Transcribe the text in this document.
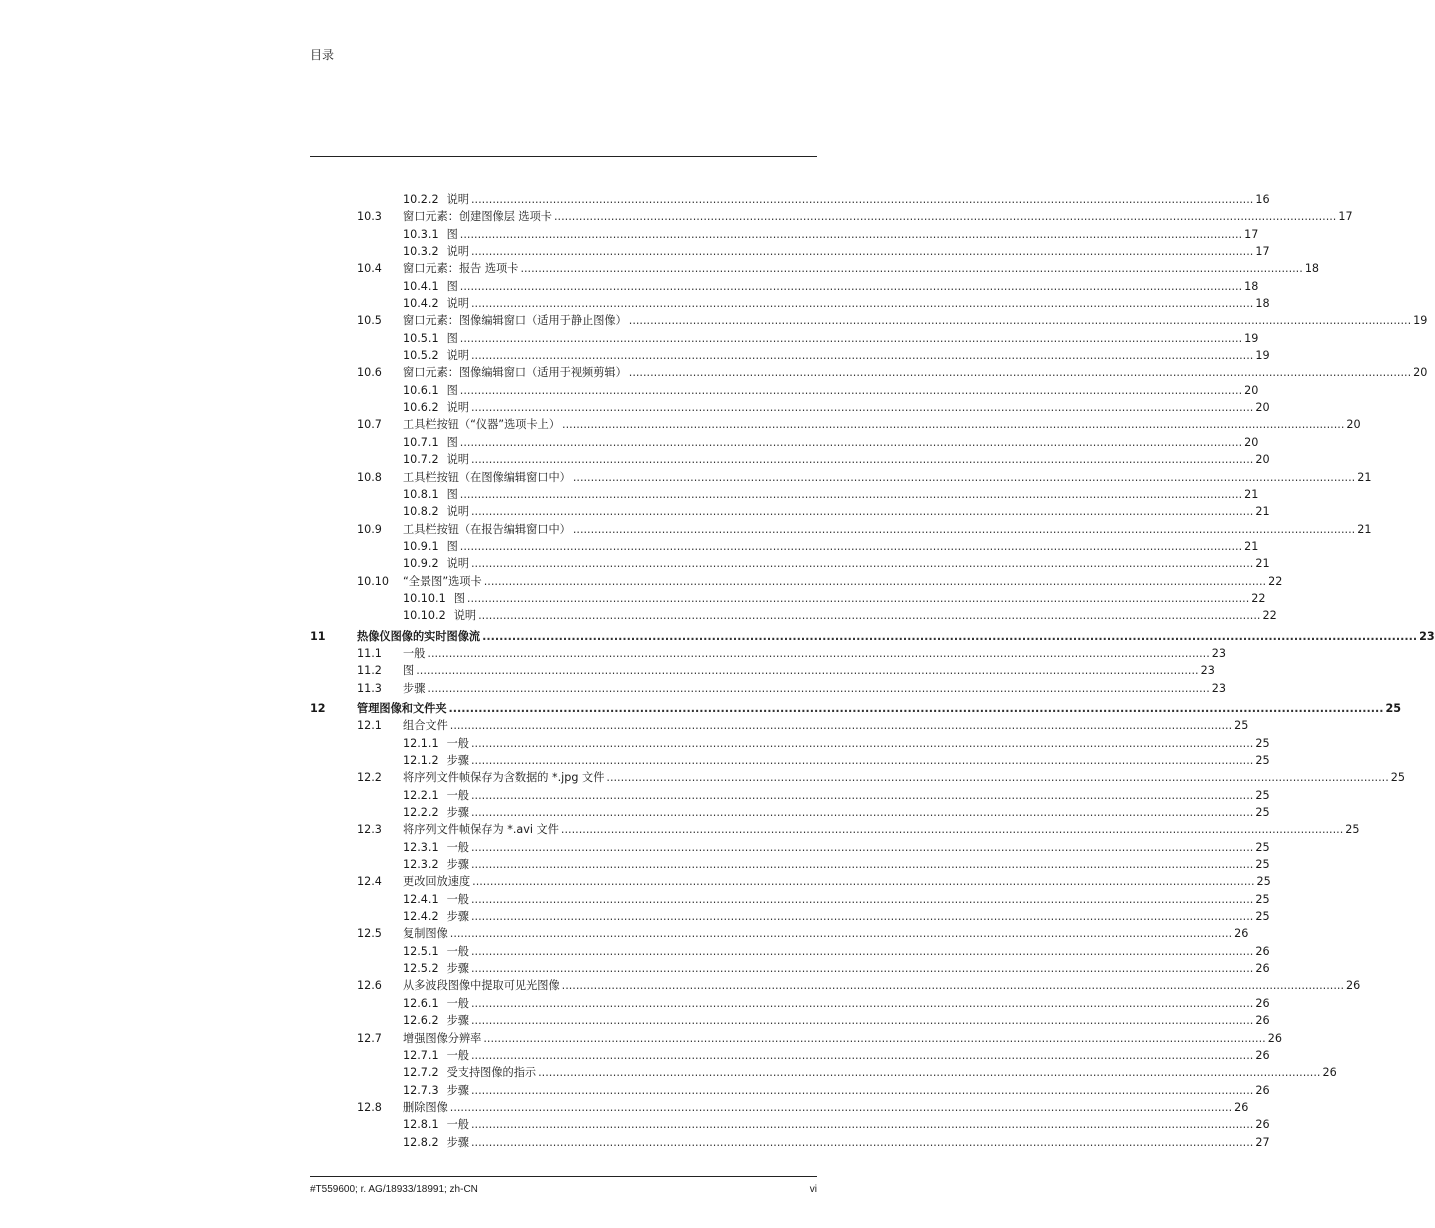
目录
10.2.2 说明 ............................................................................................................................................................................................................................ 16
10.3 窗口元素：创建图像层 选项卡 ............................................................................................................................................................................................................................ 17
10.3.1 图 ............................................................................................................................................................................................................................ 17
10.3.2 说明 ............................................................................................................................................................................................................................ 17
10.4 窗口元素：报告 选项卡 ............................................................................................................................................................................................................................ 18
10.4.1 图 ............................................................................................................................................................................................................................ 18
10.4.2 说明 ............................................................................................................................................................................................................................ 18
10.5 窗口元素：图像编辑窗口（适用于静止图像） ............................................................................................................................................................................................................................ 19
10.5.1 图 ............................................................................................................................................................................................................................ 19
10.5.2 说明 ............................................................................................................................................................................................................................ 19
10.6 窗口元素：图像编辑窗口（适用于视频剪辑） ............................................................................................................................................................................................................................ 20
10.6.1 图 ............................................................................................................................................................................................................................ 20
10.6.2 说明 ............................................................................................................................................................................................................................ 20
10.7 工具栏按钮（“仪器”选项卡上） ............................................................................................................................................................................................................................ 20
10.7.1 图 ............................................................................................................................................................................................................................ 20
10.7.2 说明 ............................................................................................................................................................................................................................ 20
10.8 工具栏按钮（在图像编辑窗口中） ............................................................................................................................................................................................................................ 21
10.8.1 图 ............................................................................................................................................................................................................................ 21
10.8.2 说明 ............................................................................................................................................................................................................................ 21
10.9 工具栏按钮（在报告编辑窗口中） ............................................................................................................................................................................................................................ 21
10.9.1 图 ............................................................................................................................................................................................................................ 21
10.9.2 说明 ............................................................................................................................................................................................................................ 21
10.10 “全景图”选项卡 ............................................................................................................................................................................................................................ 22
10.10.1 图 ............................................................................................................................................................................................................................ 22
10.10.2 说明 ............................................................................................................................................................................................................................ 22
11	热像仪图像的实时图像流 ............................................................................................................................................................................................................................ 23
11.1 一般 ............................................................................................................................................................................................................................ 23
11.2 图 ............................................................................................................................................................................................................................ 23
11.3 步骤 ............................................................................................................................................................................................................................ 23
12	管理图像和文件夹 ............................................................................................................................................................................................................................ 25
12.1 组合文件 ............................................................................................................................................................................................................................ 25
12.1.1 一般 ............................................................................................................................................................................................................................ 25
12.1.2 步骤 ............................................................................................................................................................................................................................ 25
12.2 将序列文件帧保存为含数据的 *.jpg 文件 ............................................................................................................................................................................................................................ 25
12.2.1 一般 ............................................................................................................................................................................................................................ 25
12.2.2 步骤 ............................................................................................................................................................................................................................ 25
12.3 将序列文件帧保存为 *.avi 文件 ............................................................................................................................................................................................................................ 25
12.3.1 一般 ............................................................................................................................................................................................................................ 25
12.3.2 步骤 ............................................................................................................................................................................................................................ 25
12.4 更改回放速度 ............................................................................................................................................................................................................................ 25
12.4.1 一般 ............................................................................................................................................................................................................................ 25
12.4.2 步骤 ............................................................................................................................................................................................................................ 25
12.5 复制图像 ............................................................................................................................................................................................................................ 26
12.5.1 一般 ............................................................................................................................................................................................................................ 26
12.5.2 步骤 ............................................................................................................................................................................................................................ 26
12.6 从多波段图像中提取可见光图像 ............................................................................................................................................................................................................................ 26
12.6.1 一般 ............................................................................................................................................................................................................................ 26
12.6.2 步骤 ............................................................................................................................................................................................................................ 26
12.7 增强图像分辨率 ............................................................................................................................................................................................................................ 26
12.7.1 一般 ............................................................................................................................................................................................................................ 26
12.7.2 受支持图像的指示 ............................................................................................................................................................................................................................ 26
12.7.3 步骤 ............................................................................................................................................................................................................................ 26
12.8 删除图像 ............................................................................................................................................................................................................................ 26
12.8.1 一般 ............................................................................................................................................................................................................................ 26
12.8.2 步骤 ............................................................................................................................................................................................................................ 27
#T559600; r. AG/18933/18991; zh-CN	vi
